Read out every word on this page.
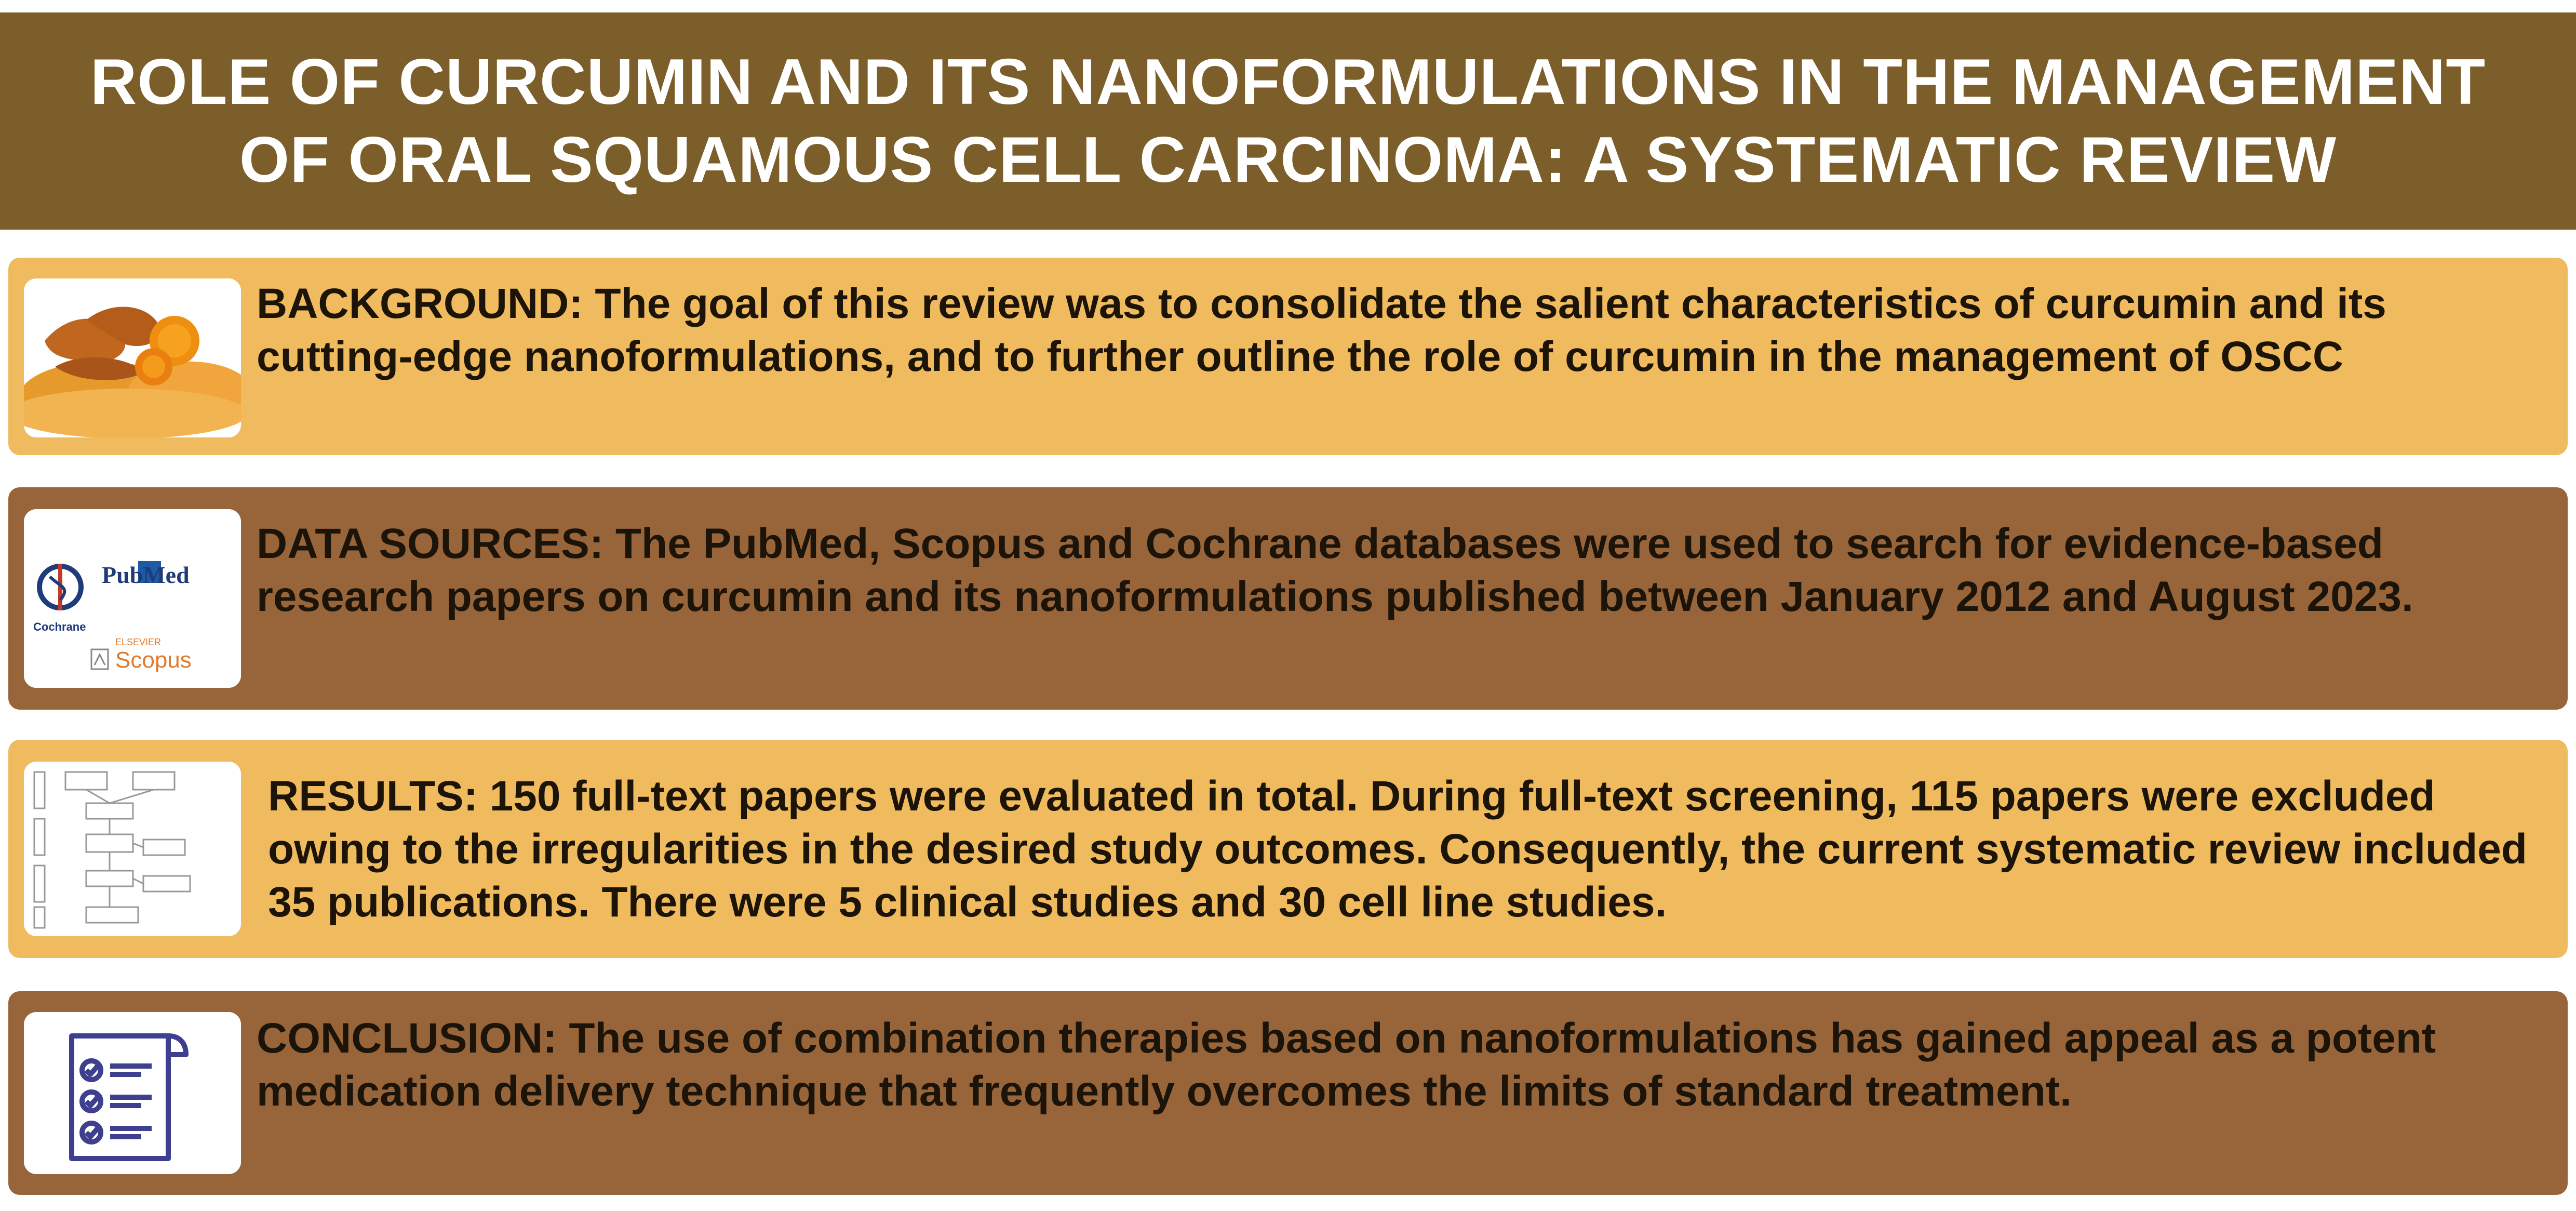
ROLE OF CURCUMIN AND ITS NANOFORMULATIONS IN THE MANAGEMENT
OF ORAL SQUAMOUS CELL CARCINOMA: A SYSTEMATIC REVIEW
BACKGROUND: The goal of this review was to consolidate the salient characteristics of curcumin and its cutting-edge nanoformulations, and to further outline the role of curcumin in the management of OSCC
PubMed
Cochrane
ELSEVIER
Scopus
DATA SOURCES: The PubMed, Scopus and Cochrane databases were used to search for evidence-based research papers on curcumin and its nanoformulations published between January 2012 and August 2023.
RESULTS: 150 full-text papers were evaluated in total. During full-text screening, 115 papers were excluded owing to the irregularities in the desired study outcomes. Consequently, the current systematic review included 35 publications. There were 5 clinical studies and 30 cell line studies.
CONCLUSION: The use of combination therapies based on nanoformulations has gained appeal as a potent medication delivery technique that frequently overcomes the limits of standard treatment.
